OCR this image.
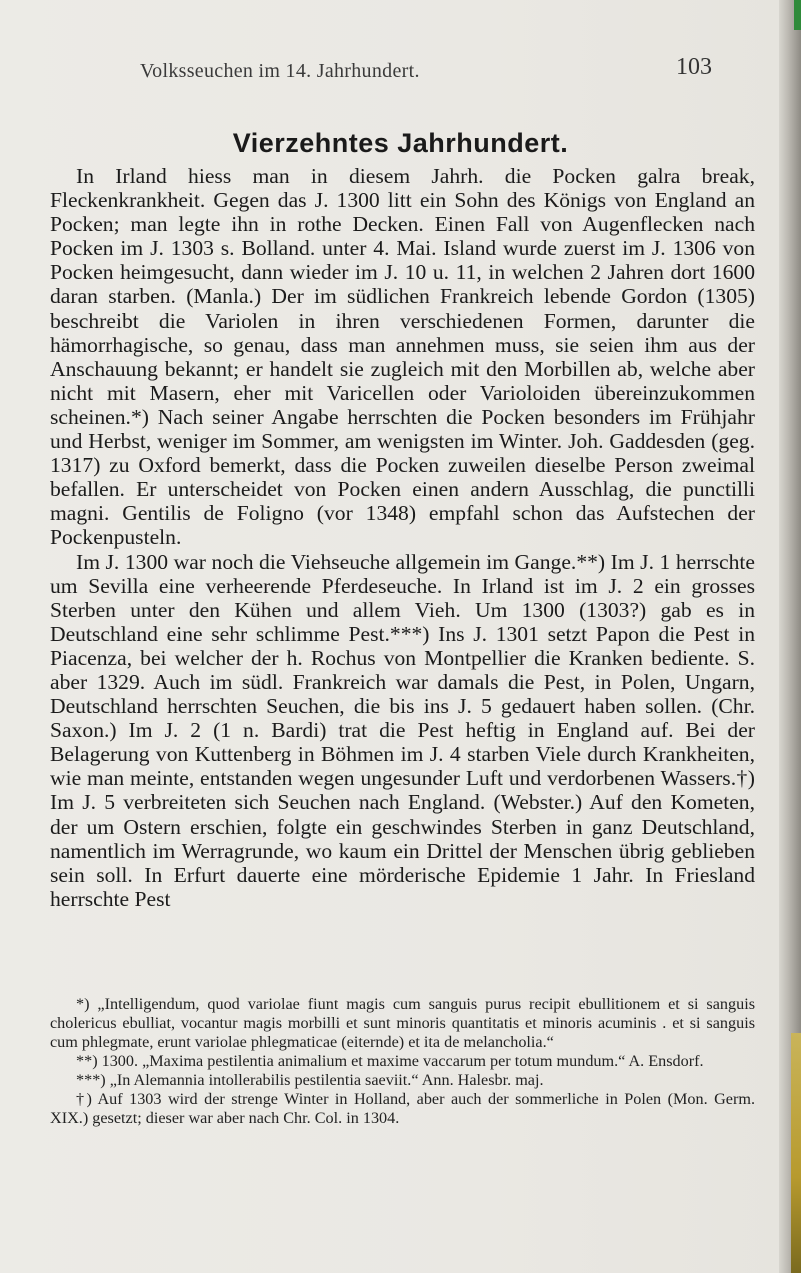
Volksseuchen im 14. Jahrhundert.	103
Vierzehntes Jahrhundert.

In Irland hiess man in diesem Jahrh. die Pocken galra break, Fleckenkrankheit. Gegen das J. 1300 litt ein Sohn des Königs von England an Pocken; man legte ihn in rothe Decken. Einen Fall von Augenflecken nach Pocken im J. 1303 s. Bolland. unter 4. Mai. Island wurde zuerst im J. 1306 von Pocken heimgesucht, dann wieder im J. 10 u. 11, in welchen 2 Jahren dort 1600 daran starben. (Manla.) Der im südlichen Frankreich lebende Gordon (1305) beschreibt die Variolen in ihren verschiedenen Formen, darunter die hämorrhagische, so genau, dass man annehmen muss, sie seien ihm aus der Anschauung bekannt; er handelt sie zugleich mit den Morbillen ab, welche aber nicht mit Masern, eher mit Varicellen oder Varioloiden übereinzukommen scheinen.*) Nach seiner Angabe herrschten die Pocken besonders im Frühjahr und Herbst, weniger im Sommer, am wenigsten im Winter. Joh. Gaddesden (geg. 1317) zu Oxford bemerkt, dass die Pocken zuweilen dieselbe Person zweimal befallen. Er unterscheidet von Pocken einen andern Ausschlag, die punctilli magni. Gentilis de Foligno (vor 1348) empfahl schon das Aufstechen der Pockenpusteln.

Im J. 1300 war noch die Viehseuche allgemein im Gange.**) Im J. 1 herrschte um Sevilla eine verheerende Pferdeseuche. In Irland ist im J. 2 ein grosses Sterben unter den Kühen und allem Vieh. Um 1300 (1303?) gab es in Deutschland eine sehr schlimme Pest.***) Ins J. 1301 setzt Papon die Pest in Piacenza, bei welcher der h. Rochus von Montpellier die Kranken bediente. S. aber 1329. Auch im südl. Frankreich war damals die Pest, in Polen, Ungarn, Deutschland herrschten Seuchen, die bis ins J. 5 gedauert haben sollen. (Chr. Saxon.) Im J. 2 (1 n. Bardi) trat die Pest heftig in England auf. Bei der Belagerung von Kuttenberg in Böhmen im J. 4 starben Viele durch Krankheiten, wie man meinte, entstanden wegen ungesunder Luft und verdorbenen Wassers.†) Im J. 5 verbreiteten sich Seuchen nach England. (Webster.) Auf den Kometen, der um Ostern erschien, folgte ein geschwindes Sterben in ganz Deutschland, namentlich im Werragrunde, wo kaum ein Drittel der Menschen übrig geblieben sein soll. In Erfurt dauerte eine mörderische Epidemie 1 Jahr. In Friesland herrschte Pest

*) „Intelligendum, quod variolae fiunt magis cum sanguis purus recipit ebullitionem et si sanguis cholericus ebulliat, vocantur magis morbilli et sunt minoris quantitatis et minoris acuminis . et si sanguis cum phlegmate, erunt variolae phlegmaticae (eiternde) et ita de melancholia.“

**) 1300. „Maxima pestilentia animalium et maxime vaccarum per totum mundum.“ A. Ensdorf.

***) „In Alemannia intollerabilis pestilentia saeviit.“ Ann. Halesbr. maj.

†) Auf 1303 wird der strenge Winter in Holland, aber auch der sommerliche in Polen (Mon. Germ. XIX.) gesetzt; dieser war aber nach Chr. Col. in 1304.
